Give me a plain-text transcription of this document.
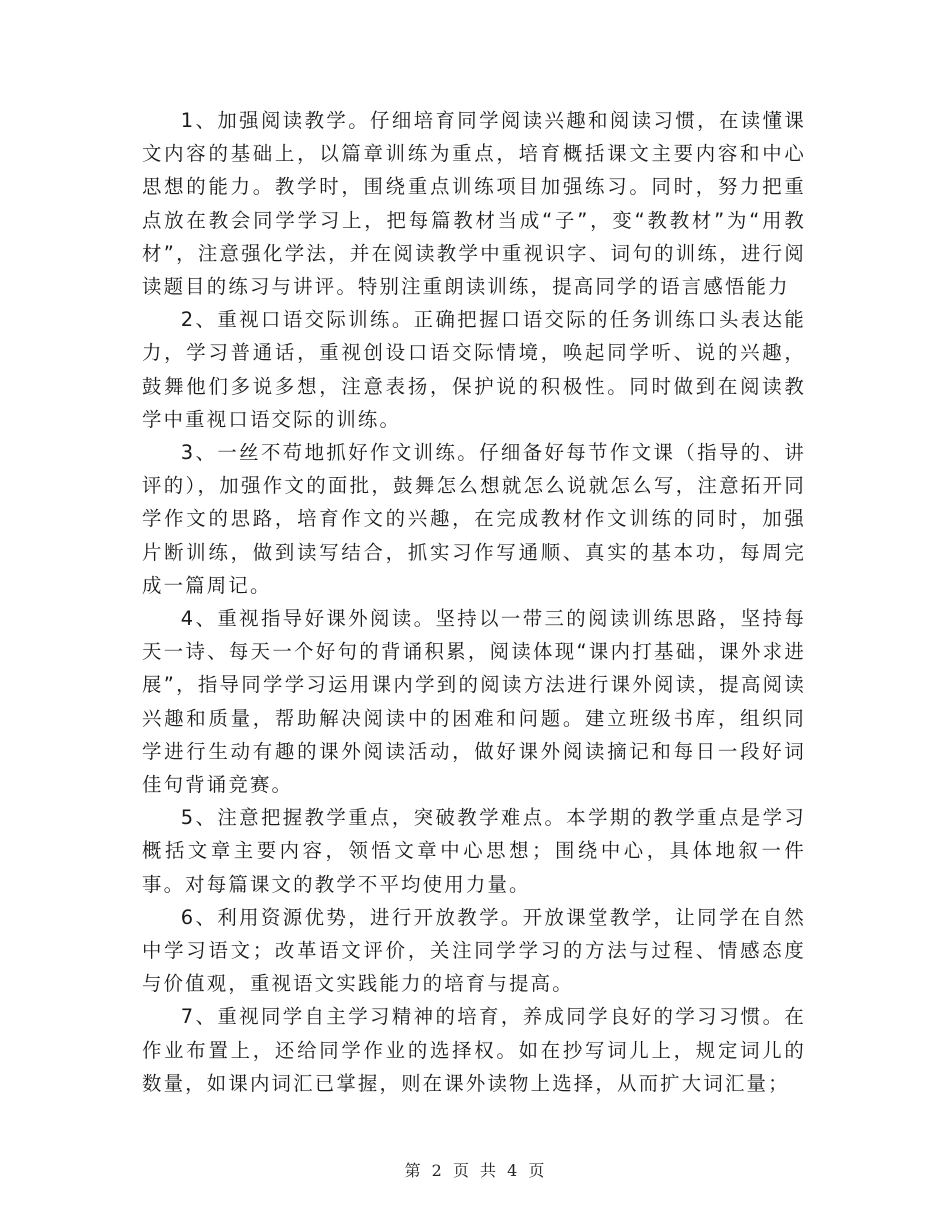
1、加强阅读教学。仔细培育同学阅读兴趣和阅读习惯，在读懂课文内容的基础上，以篇章训练为重点，培育概括课文主要内容和中心思想的能力。教学时，围绕重点训练项目加强练习。同时，努力把重点放在教会同学学习上，把每篇教材当成“子”，变“教教材”为“用教材”，注意强化学法，并在阅读教学中重视识字、词句的训练，进行阅读题目的练习与讲评。特别注重朗读训练，提高同学的语言感悟能力

2、重视口语交际训练。正确把握口语交际的任务训练口头表达能力，学习普通话，重视创设口语交际情境，唤起同学听、说的兴趣，鼓舞他们多说多想，注意表扬，保护说的积极性。同时做到在阅读教学中重视口语交际的训练。

3、一丝不苟地抓好作文训练。仔细备好每节作文课（指导的、讲评的），加强作文的面批，鼓舞怎么想就怎么说就怎么写，注意拓开同学作文的思路，培育作文的兴趣，在完成教材作文训练的同时，加强片断训练，做到读写结合，抓实习作写通顺、真实的基本功，每周完成一篇周记。

4、重视指导好课外阅读。坚持以一带三的阅读训练思路，坚持每天一诗、每天一个好句的背诵积累，阅读体现“课内打基础，课外求进展”，指导同学学习运用课内学到的阅读方法进行课外阅读，提高阅读兴趣和质量，帮助解决阅读中的困难和问题。建立班级书库，组织同学进行生动有趣的课外阅读活动，做好课外阅读摘记和每日一段好词佳句背诵竞赛。

5、注意把握教学重点，突破教学难点。本学期的教学重点是学习概括文章主要内容，领悟文章中心思想；围绕中心，具体地叙一件事。对每篇课文的教学不平均使用力量。

6、利用资源优势，进行开放教学。开放课堂教学，让同学在自然中学习语文；改革语文评价，关注同学学习的方法与过程、情感态度与价值观，重视语文实践能力的培育与提高。

7、重视同学自主学习精神的培育，养成同学良好的学习习惯。在作业布置上，还给同学作业的选择权。如在抄写词儿上，规定词儿的数量，如课内词汇已掌握，则在课外读物上选择，从而扩大词汇量；

第 2 页 共 4 页
